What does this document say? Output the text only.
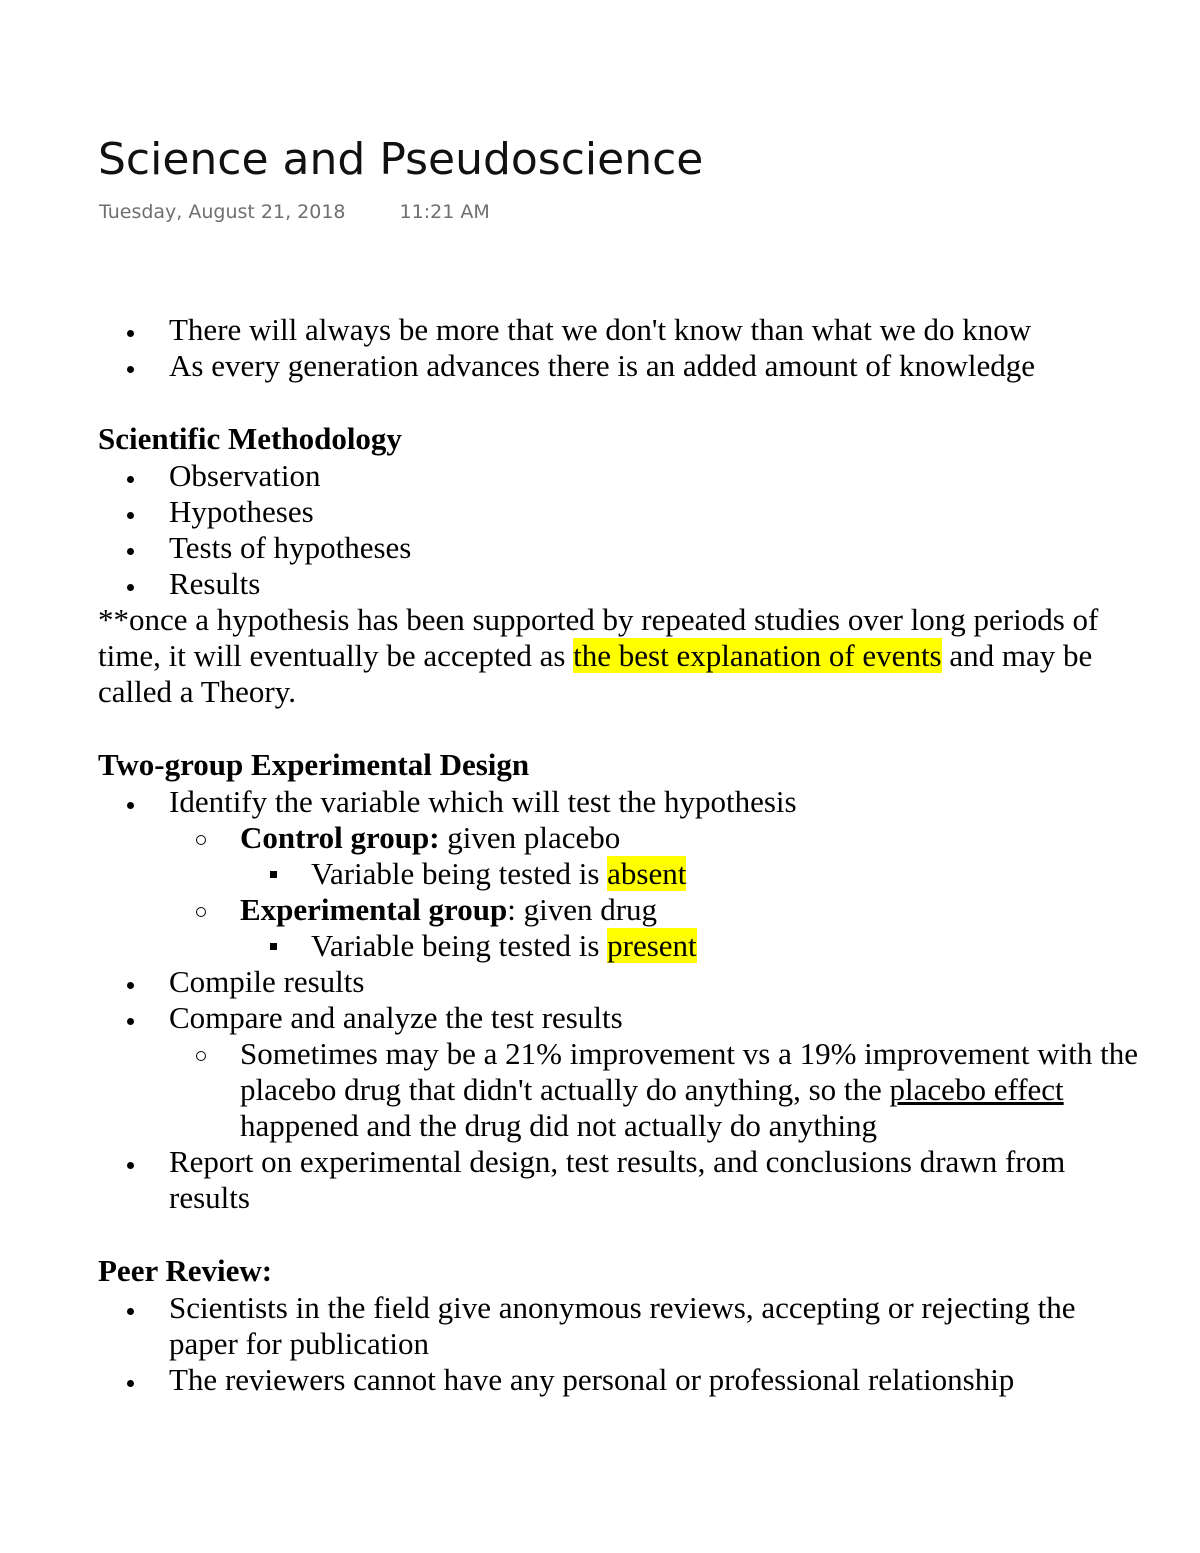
Science and Pseudoscience
Tuesday, August 21, 2018	11:21 AM
There will always be more that we don't know than what we do know
As every generation advances there is an added amount of knowledge

Scientific Methodology

Observation
Hypotheses
Tests of hypotheses
Results

**once a hypothesis has been supported by repeated studies over long periods of time, it will eventually be accepted as the best explanation of events and may be called a Theory.

Two-group Experimental Design

Identify the variable which will test the hypothesis
Control group: given placebo
Variable being tested is absent
Experimental group: given drug
Variable being tested is present
Compile results
Compare and analyze the test results
Sometimes may be a 21% improvement vs a 19% improvement with the placebo drug that didn't actually do anything, so the placebo effect happened and the drug did not actually do anything
Report on experimental design, test results, and conclusions drawn from results

Peer Review:

Scientists in the field give anonymous reviews, accepting or rejecting the paper for publication
The reviewers cannot have any personal or professional relationship
